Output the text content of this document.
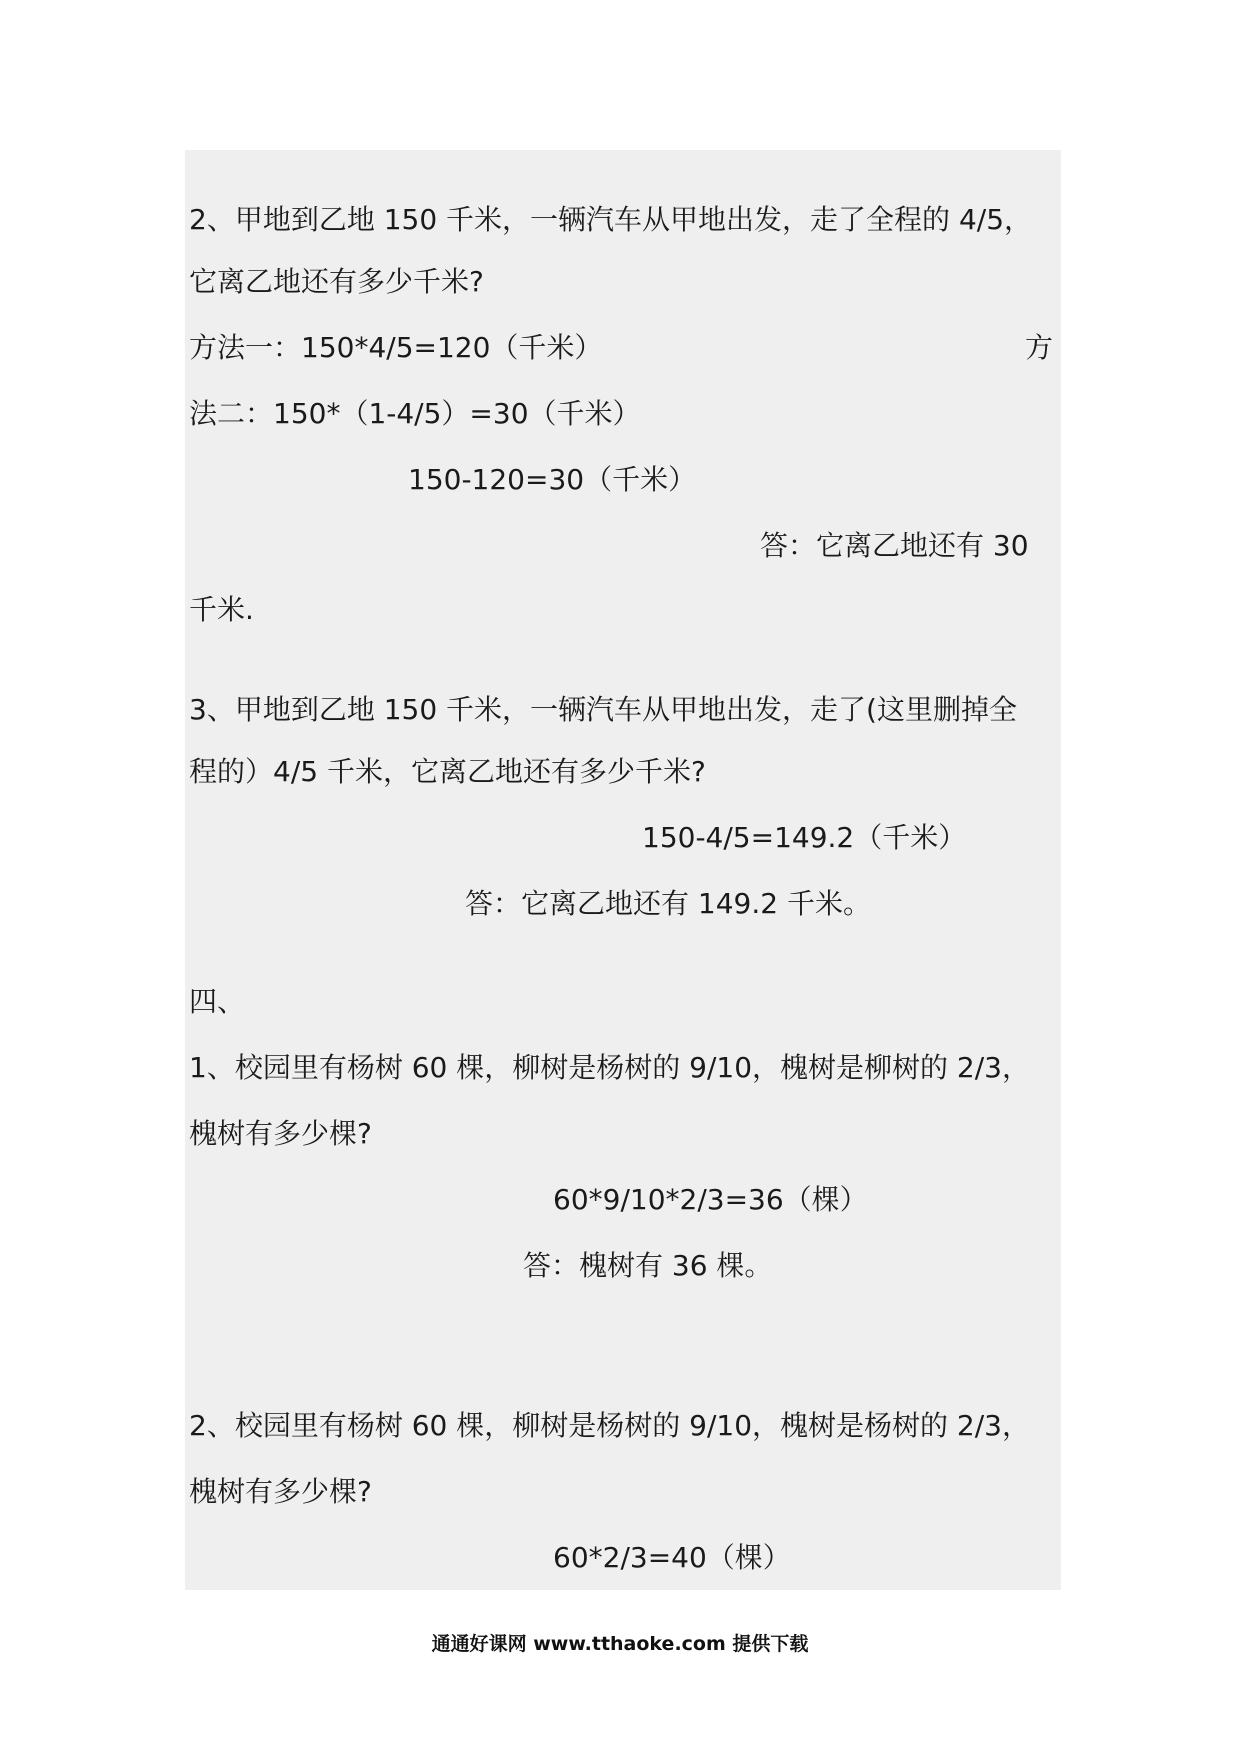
2、甲地到乙地 150 千米，一辆汽车从甲地出发，走了全程的 4/5，
它离乙地还有多少千米?
方法一：150*4/5=120（千米）	方
法二：150*（1-4/5）=30（千米）
150-120=30（千米）
答：它离乙地还有 30
千米.
3、甲地到乙地 150 千米，一辆汽车从甲地出发，走了(这里删掉全
程的）4/5 千米，它离乙地还有多少千米?
150-4/5=149.2（千米）
答：它离乙地还有 149.2 千米。
四、
1、校园里有杨树 60 棵，柳树是杨树的 9/10，槐树是柳树的 2/3，
槐树有多少棵?
60*9/10*2/3=36（棵）
答：槐树有 36 棵。
2、校园里有杨树 60 棵，柳树是杨树的 9/10，槐树是杨树的 2/3，
槐树有多少棵?
60*2/3=40（棵）
通通好课网 www.tthaoke.com 提供下载
